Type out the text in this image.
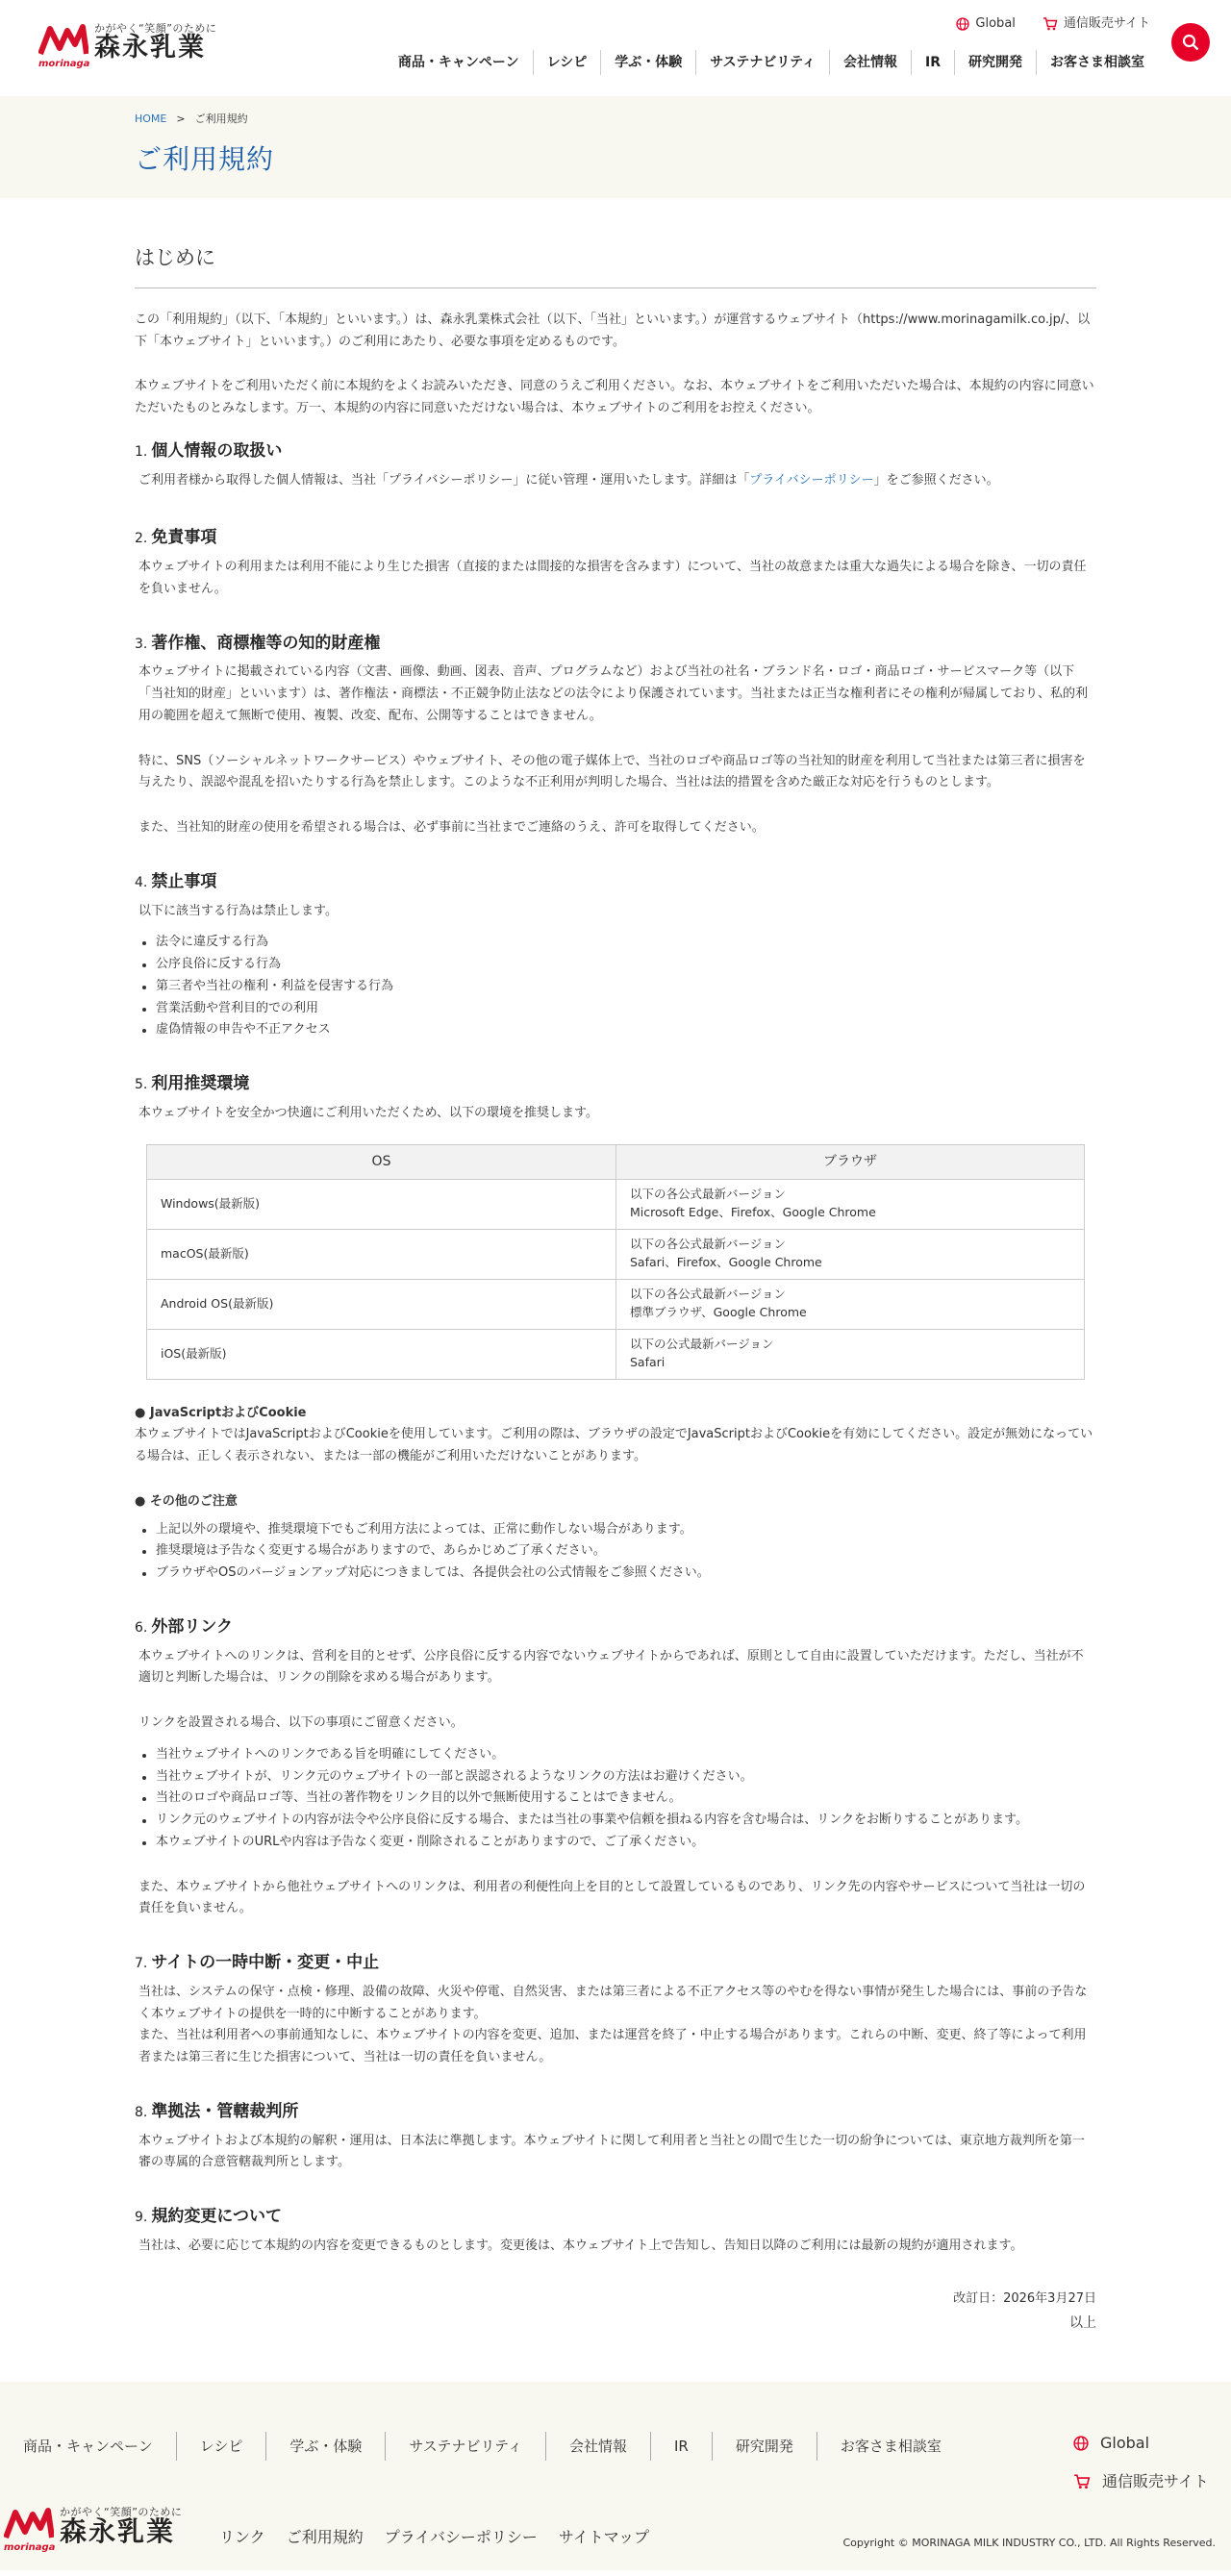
morinaga
かがやく“笑顔”のために
森永乳業
Global	通信販売サイト
商品・キャンペーン	レシピ	学ぶ・体験	サステナビリティ	会社情報	IR	研究開発	お客さま相談室
HOME > ご利用規約
ご利用規約
はじめに

この「利用規約」（以下、「本規約」といいます。）は、森永乳業株式会社（以下、「当社」といいます。）が運営するウェブサイト（https://www.morinagamilk.co.jp/、以下「本ウェブサイト」といいます。）のご利用にあたり、必要な事項を定めるものです。

本ウェブサイトをご利用いただく前に本規約をよくお読みいただき、同意のうえご利用ください。なお、本ウェブサイトをご利用いただいた場合は、本規約の内容に同意いただいたものとみなします。万一、本規約の内容に同意いただけない場合は、本ウェブサイトのご利用をお控えください。

1. 個人情報の取扱い

ご利用者様から取得した個人情報は、当社「プライバシーポリシー」に従い管理・運用いたします。詳細は「プライバシーポリシー」をご参照ください。

2. 免責事項

本ウェブサイトの利用または利用不能により生じた損害（直接的または間接的な損害を含みます）について、当社の故意または重大な過失による場合を除き、一切の責任を負いません。

3. 著作権、商標権等の知的財産権

本ウェブサイトに掲載されている内容（文書、画像、動画、図表、音声、プログラムなど）および当社の社名・ブランド名・ロゴ・商品ロゴ・サービスマーク等（以下「当社知的財産」といいます）は、著作権法・商標法・不正競争防止法などの法令により保護されています。当社または正当な権利者にその権利が帰属しており、私的利用の範囲を超えて無断で使用、複製、改変、配布、公開等することはできません。

特に、SNS（ソーシャルネットワークサービス）やウェブサイト、その他の電子媒体上で、当社のロゴや商品ロゴ等の当社知的財産を利用して当社または第三者に損害を与えたり、誤認や混乱を招いたりする行為を禁止します。このような不正利用が判明した場合、当社は法的措置を含めた厳正な対応を行うものとします。

また、当社知的財産の使用を希望される場合は、必ず事前に当社までご連絡のうえ、許可を取得してください。

4. 禁止事項

以下に該当する行為は禁止します。

法令に違反する行為
公序良俗に反する行為
第三者や当社の権利・利益を侵害する行為
営業活動や営利目的での利用
虚偽情報の申告や不正アクセス
5. 利用推奨環境

本ウェブサイトを安全かつ快適にご利用いただくため、以下の環境を推奨します。

OS	ブラウザ
Windows(最新版)	以下の各公式最新バージョン
Microsoft Edge、Firefox、Google Chrome

macOS(最新版)	以下の各公式最新バージョン
Safari、Firefox、Google Chrome

Android OS(最新版)	以下の各公式最新バージョン
標準ブラウザ、Google Chrome

iOS(最新版)	以下の公式最新バージョン
Safari

● JavaScriptおよびCookie

本ウェブサイトではJavaScriptおよびCookieを使用しています。ご利用の際は、ブラウザの設定でJavaScriptおよびCookieを有効にしてください。設定が無効になっている場合は、正しく表示されない、または一部の機能がご利用いただけないことがあります。

● その他のご注意

上記以外の環境や、推奨環境下でもご利用方法によっては、正常に動作しない場合があります。
推奨環境は予告なく変更する場合がありますので、あらかじめご了承ください。
ブラウザやOSのバージョンアップ対応につきましては、各提供会社の公式情報をご参照ください。
6. 外部リンク

本ウェブサイトへのリンクは、営利を目的とせず、公序良俗に反する内容でないウェブサイトからであれば、原則として自由に設置していただけます。ただし、当社が不適切と判断した場合は、リンクの削除を求める場合があります。

リンクを設置される場合、以下の事項にご留意ください。

当社ウェブサイトへのリンクである旨を明確にしてください。
当社ウェブサイトが、リンク元のウェブサイトの一部と誤認されるようなリンクの方法はお避けください。
当社のロゴや商品ロゴ等、当社の著作物をリンク目的以外で無断使用することはできません。
リンク元のウェブサイトの内容が法令や公序良俗に反する場合、または当社の事業や信頼を損ねる内容を含む場合は、リンクをお断りすることがあります。
本ウェブサイトのURLや内容は予告なく変更・削除されることがありますので、ご了承ください。

また、本ウェブサイトから他社ウェブサイトへのリンクは、利用者の利便性向上を目的として設置しているものであり、リンク先の内容やサービスについて当社は一切の責任を負いません。

7. サイトの一時中断・変更・中止

当社は、システムの保守・点検・修理、設備の故障、火災や停電、自然災害、または第三者による不正アクセス等のやむを得ない事情が発生した場合には、事前の予告なく本ウェブサイトの提供を一時的に中断することがあります。

また、当社は利用者への事前通知なしに、本ウェブサイトの内容を変更、追加、または運営を終了・中止する場合があります。これらの中断、変更、終了等によって利用者または第三者に生じた損害について、当社は一切の責任を負いません。

8. 準拠法・管轄裁判所

本ウェブサイトおよび本規約の解釈・運用は、日本法に準拠します。本ウェブサイトに関して利用者と当社との間で生じた一切の紛争については、東京地方裁判所を第一審の専属的合意管轄裁判所とします。

9. 規約変更について

当社は、必要に応じて本規約の内容を変更できるものとします。変更後は、本ウェブサイト上で告知し、告知日以降のご利用には最新の規約が適用されます。

改訂日：2026年3月27日

以上

商品・キャンペーン	レシピ	学ぶ・体験	サステナビリティ	会社情報	IR	研究開発	お客さま相談室	Global
通信販売サイト
morinaga
かがやく“笑顔”のために
森永乳業	リンク ご利用規約 プライバシーポリシー サイトマップ	Copyright © MORINAGA MILK INDUSTRY CO., LTD. All Rights Reserved.
